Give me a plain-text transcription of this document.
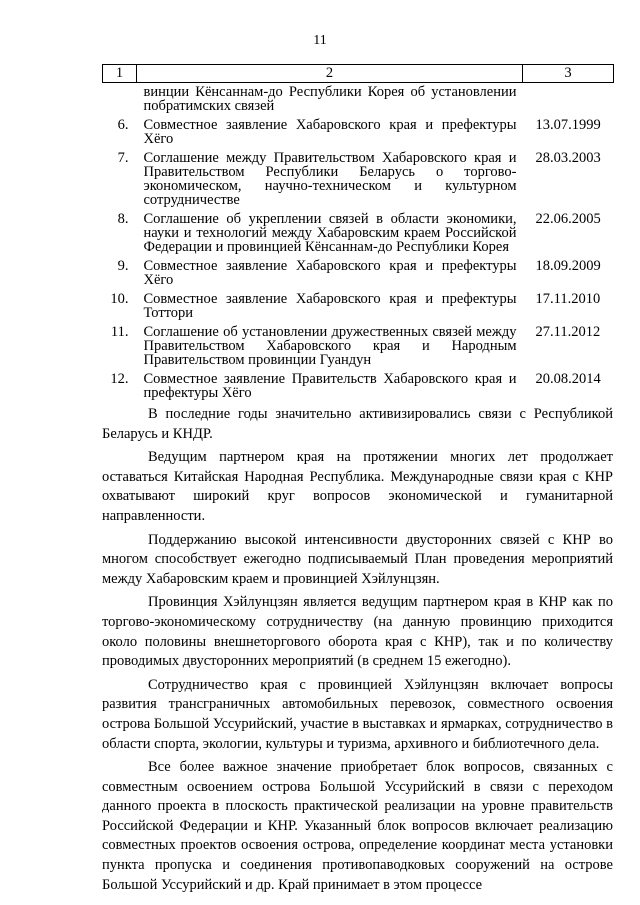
11
1	2	3
	винции Кёнсаннам-до Республики Корея об установлении побратимских связей	
6.	Совместное заявление Хабаровского края и префектуры Хёго	13.07.1999
7.	Соглашение между Правительством Хабаровского края и Правительством Республики Беларусь о торгово-экономическом, научно-техническом и культурном сотрудничестве	28.03.2003
8.	Соглашение об укреплении связей в области экономики, науки и технологий между Хабаровским краем Российской Федерации и провинцией Кёнсаннам-до Республики Корея	22.06.2005
9.	Совместное заявление Хабаровского края и префектуры Хёго	18.09.2009
10.	Совместное заявление Хабаровского края и префектуры Тоттори	17.11.2010
11.	Соглашение об установлении дружественных связей между Правительством Хабаровского края и Народным Правительством провинции Гуандун	27.11.2012
12.	Совместное заявление Правительств Хабаровского края и префектуры Хёго	20.08.2014

В последние годы значительно активизировались связи с Республикой Беларусь и КНДР.

Ведущим партнером края на протяжении многих лет продолжает оставаться Китайская Народная Республика. Международные связи края с КНР охватывают широкий круг вопросов экономической и гуманитарной направленности.

Поддержанию высокой интенсивности двусторонних связей с КНР во многом способствует ежегодно подписываемый План проведения мероприятий между Хабаровским краем и провинцией Хэйлунцзян.

Провинция Хэйлунцзян является ведущим партнером края в КНР как по торгово-экономическому сотрудничеству (на данную провинцию приходится около половины внешнеторгового оборота края с КНР), так и по количеству проводимых двусторонних мероприятий (в среднем 15 ежегодно).

Сотрудничество края с провинцией Хэйлунцзян включает вопросы развития трансграничных автомобильных перевозок, совместного освоения острова Большой Уссурийский, участие в выставках и ярмарках, сотрудничество в области спорта, экологии, культуры и туризма, архивного и библиотечного дела.

Все более важное значение приобретает блок вопросов, связанных с совместным освоением острова Большой Уссурийский в связи с переходом данного проекта в плоскость практической реализации на уровне правительств Российской Федерации и КНР. Указанный блок вопросов включает реализацию совместных проектов освоения острова, определение координат места установки пункта пропуска и соединения противопаводковых сооружений на острове Большой Уссурийский и др. Край принимает в этом процессе
